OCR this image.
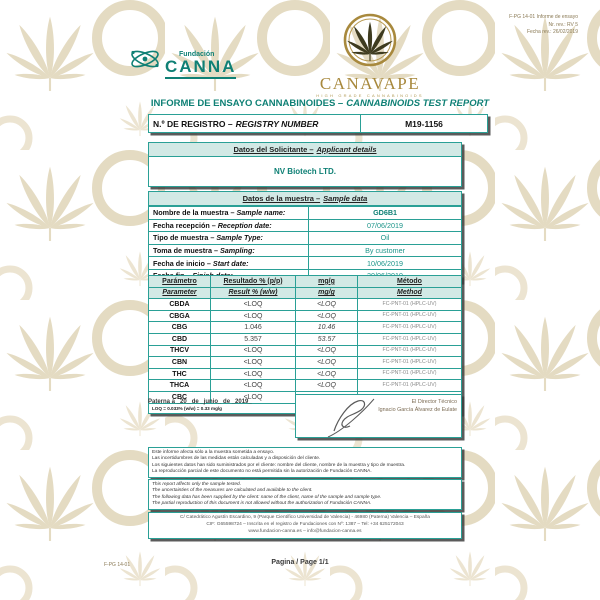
F-PG 14-01 Informe de ensayo
Nr. rev.: RV 5
Fecha rev.: 26/02/2019
Fundación
CANNA
CANAVAPE
HIGH GRADE CANNABINOIDS
INFORME DE ENSAYO CANNABINOIDES – CANNABINOIDS TEST REPORT
N.º DE REGISTRO – REGISTRY NUMBER	M19-1156
Datos del Solicitante – Applicant details
NV Biotech LTD.
Datos de la muestra – Sample data
Nombre de la muestra – Sample name:	GD6B1
Fecha recepción – Reception date:	07/06/2019
Tipo de muestra – Sample Type:	Oil
Toma de muestra – Sampling:	By customer
Fecha de inicio – Start date:	10/06/2019
Parámetro	Resultado % (p/p)	mg/g	Método
Parameter	Result % (w/w)	mg/g	Method
CBDA	<LOQ	<LOQ	FC-PNT-01 (HPLC-UV)
CBGA	<LOQ	<LOQ	FC-PNT-01 (HPLC-UV)
CBG	1.046	10.46	FC-PNT-01 (HPLC-UV)
CBD	5.357	53.57	FC-PNT-01 (HPLC-UV)
THCV	<LOQ	<LOQ	FC-PNT-01 (HPLC-UV)
CBN	<LOQ	<LOQ	FC-PNT-01 (HPLC-UV)
THC	<LOQ	<LOQ	FC-PNT-01 (HPLC-UV)
THCA	<LOQ	<LOQ	FC-PNT-01 (HPLC-UV)
CBC	<LOQ
LOQ = 0.033% (w/w) = 0.33 mg/g
Paterna a _20_ de _junio_ de _2019_	El Director Técnico
Ignacio García Álvarez de Eulate
Este informe afecta sólo a la muestra sometida a ensayo.
Las incertidumbres de las medidas están calculadas y a disposición del cliente.
Los siguientes datos han sido suministrados por el cliente: nombre del cliente, nombre de la muestra y tipo de muestra.
La reproducción parcial de este documento no está permitida sin la autorización de Fundación CANNA.
This report affects only the sample tested.
The uncertainties of the measures are calculated and available to the client.
The following data has been supplied by the client: name of the client, name of the sample and sample type.
The partial reproduction of this document is not allowed without the authorization of Fundación CANNA.
C/ Catedrático Agustín Escardino, 9 (Parque Científico Universidad de Valencia) - 46980 (Paterna) Valencia – España
CIF: G65598724 – Inscrita en el registro de Fundaciones con Nº: 1387 – Tel: +34 625172043
www.fundacion-canna.es – info@fundacion-canna.es
F-PG 14-01	Pagina / Page 1/1
